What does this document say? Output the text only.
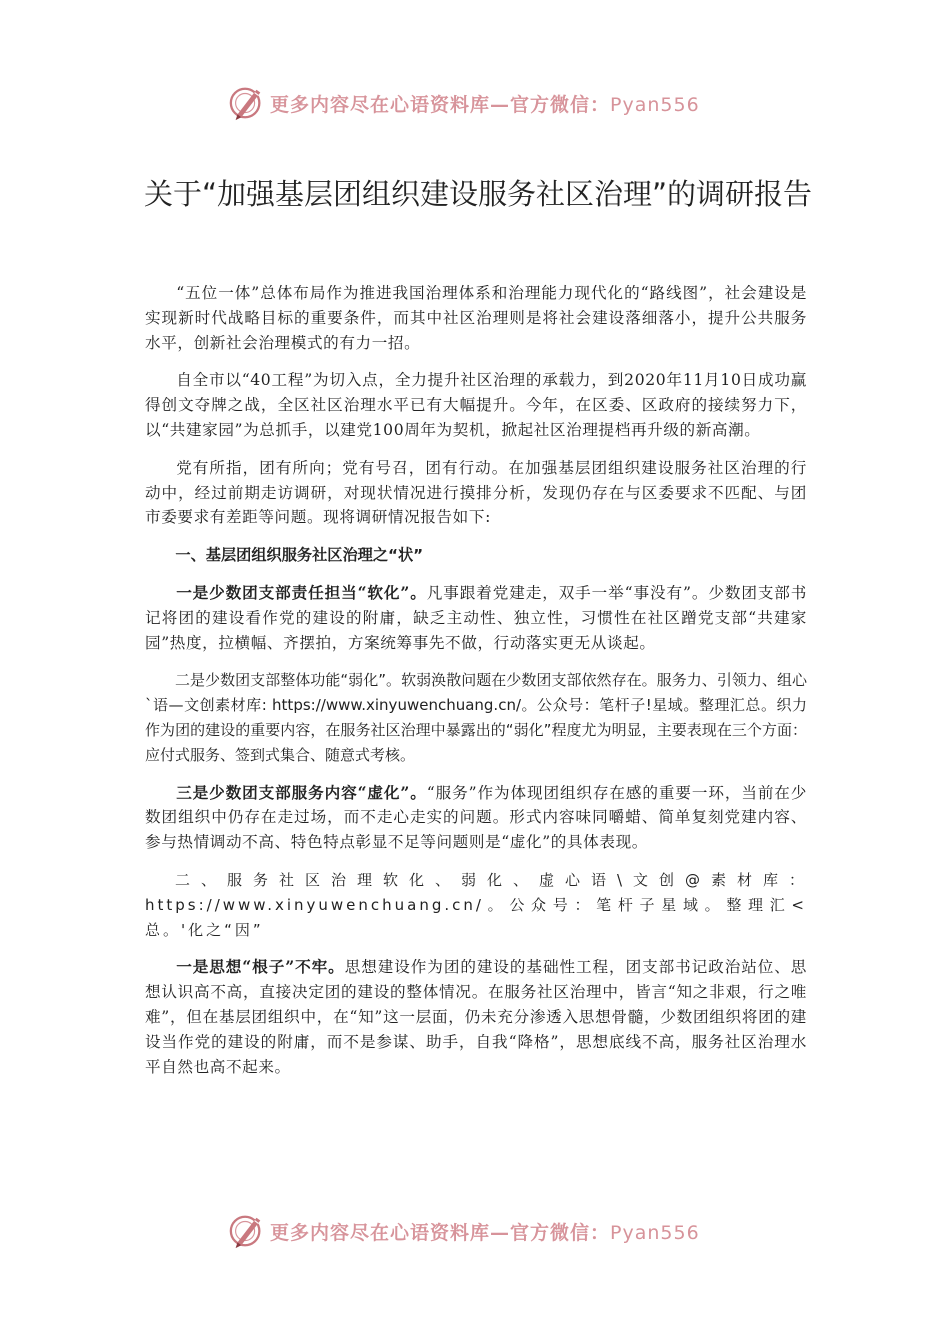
更多内容尽在心语资料库—官方微信：Pyan556
关于“加强基层团组织建设服务社区治理”的调研报告

“五位一体”总体布局作为推进我国治理体系和治理能力现代化的“路线图”，社会建设是实现新时代战略目标的重要条件，而其中社区治理则是将社会建设落细落小，提升公共服务水平，创新社会治理模式的有力一招。

自全市以“40工程”为切入点，全力提升社区治理的承载力，到2020年11月10日成功赢得创文夺牌之战，全区社区治理水平已有大幅提升。今年，在区委、区政府的接续努力下，以“共建家园”为总抓手，以建党100周年为契机，掀起社区治理提档再升级的新高潮。

党有所指，团有所向；党有号召，团有行动。在加强基层团组织建设服务社区治理的行动中，经过前期走访调研，对现状情况进行摸排分析，发现仍存在与区委要求不匹配、与团市委要求有差距等问题。现将调研情况报告如下:

一、基层团组织服务社区治理之“状”

一是少数团支部责任担当“软化”。凡事跟着党建走，双手一举“事没有”。少数团支部书记将团的建设看作党的建设的附庸，缺乏主动性、独立性，习惯性在社区蹭党支部“共建家园”热度，拉横幅、齐摆拍，方案统筹事先不做，行动落实更无从谈起。

二是少数团支部整体功能“弱化”。软弱涣散问题在少数团支部依然存在。服务力、引领力、组心`语—文创素材库: https://www.xinyuwenchuang.cn/。公众号：笔杆子!星域。整理汇总。织力作为团的建设的重要内容，在服务社区治理中暴露出的“弱化”程度尤为明显，主要表现在三个方面：应付式服务、签到式集合、随意式考核。

三是少数团支部服务内容“虚化”。“服务”作为体现团组织存在感的重要一环，当前在少数团组织中仍存在走过场，而不走心走实的问题。形式内容味同嚼蜡、简单复刻党建内容、参与热情调动不高、特色特点彰显不足等问题则是“虚化”的具体表现。

二、服务社区治理软化、弱化、虚心语\文创@素材库： https://www.xinyuwenchuang.cn/。公众号：笔杆子星域。整理汇<总。'化之“因”

一是思想“根子”不牢。思想建设作为团的建设的基础性工程，团支部书记政治站位、思想认识高不高，直接决定团的建设的整体情况。在服务社区治理中，皆言“知之非艰，行之唯难”，但在基层团组织中，在“知”这一层面，仍未充分渗透入思想骨髓，少数团组织将团的建设当作党的建设的附庸，而不是参谋、助手，自我“降格”，思想底线不高，服务社区治理水平自然也高不起来。

更多内容尽在心语资料库—官方微信：Pyan556
